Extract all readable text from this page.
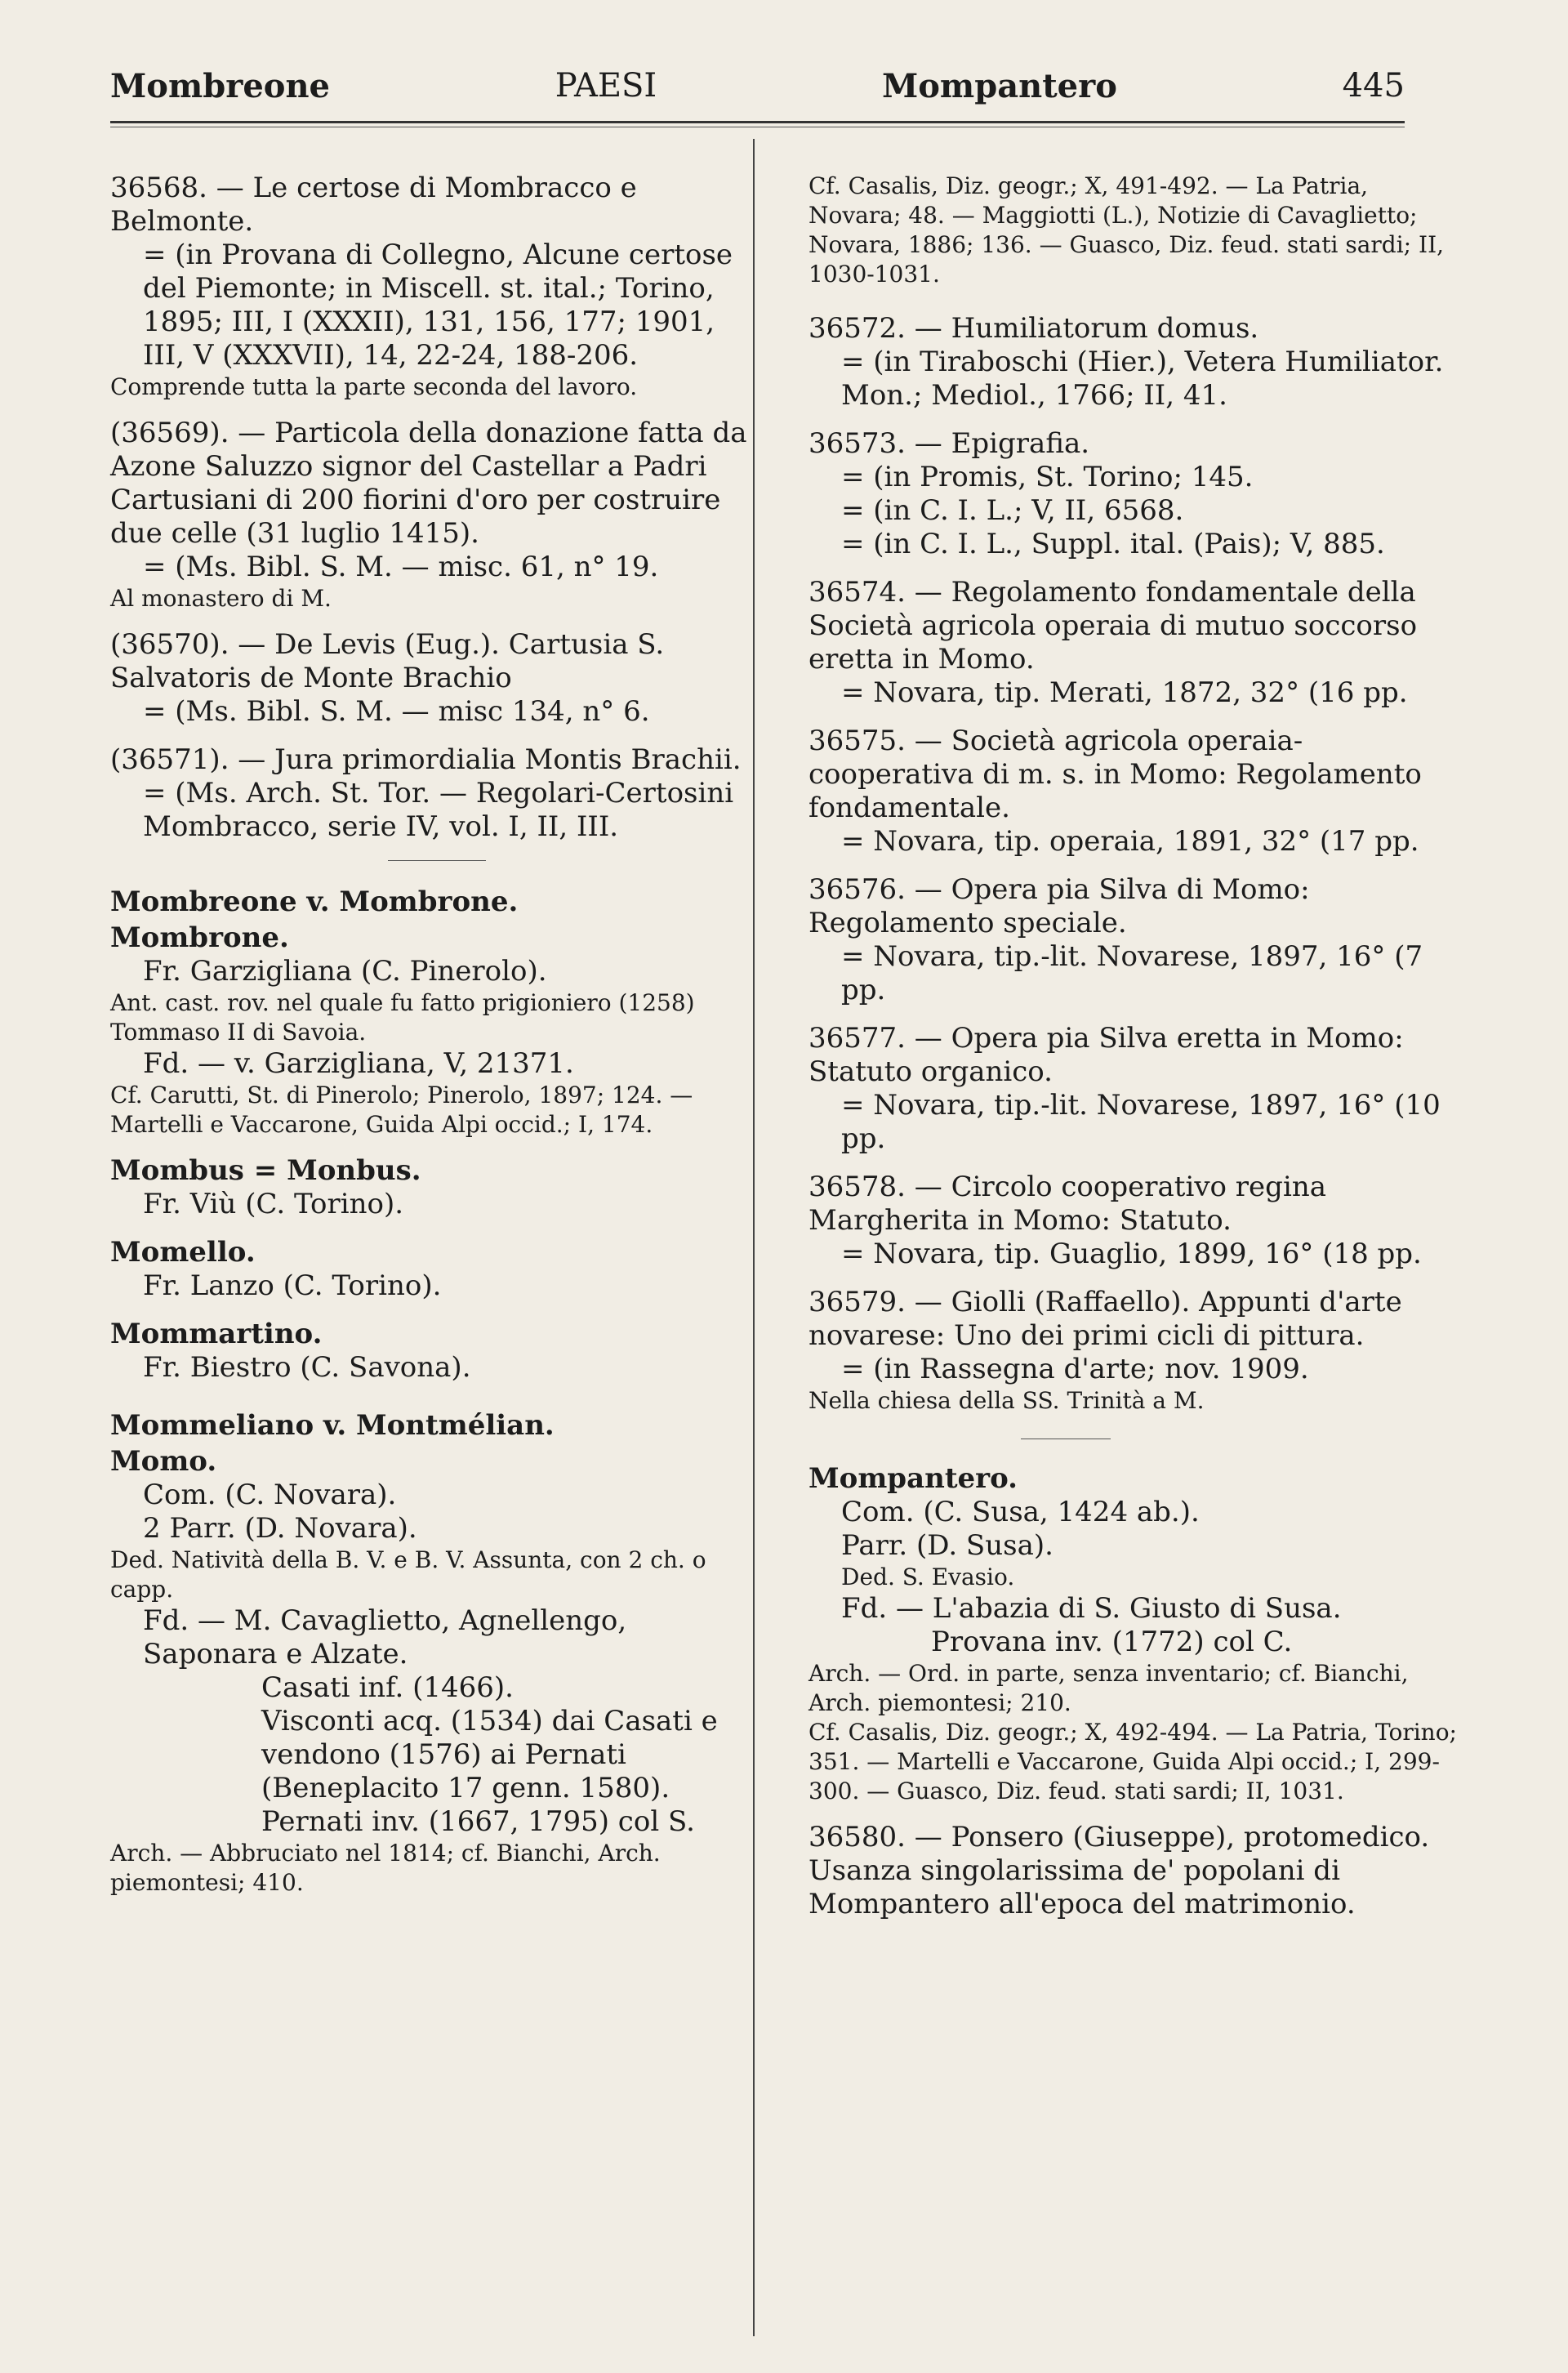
Mombreone	PAESI	Mompantero	445

36568. — Le certose di Mombracco e Belmonte.

= (in Provana di Collegno, Alcune certose del Piemonte; in Miscell. st. ital.; Torino, 1895; III, I (XXXII), 131, 156, 177; 1901, III, V (XXXVII), 14, 22-24, 188-206.

Comprende tutta la parte seconda del lavoro.

(36569). — Particola della donazione fatta da Azone Saluzzo signor del Castellar a Padri Cartusiani di 200 fiorini d'oro per costruire due celle (31 luglio 1415).

= (Ms. Bibl. S. M. — misc. 61, n° 19.

Al monastero di M.

(36570). — De Levis (Eug.). Cartusia S. Salvatoris de Monte Brachio

= (Ms. Bibl. S. M. — misc 134, n° 6.

(36571). — Jura primordialia Montis Brachii.

= (Ms. Arch. St. Tor. — Regolari-Certosini Mombracco, serie IV, vol. I, II, III.

Mombreone v. Mombrone.

Mombrone.

Fr. Garzigliana (C. Pinerolo).

Ant. cast. rov. nel quale fu fatto prigioniero (1258) Tommaso II di Savoia.

Fd. — v. Garzigliana, V, 21371.

Cf. Carutti, St. di Pinerolo; Pinerolo, 1897; 124. — Martelli e Vaccarone, Guida Alpi occid.; I, 174.

Mombus = Monbus.

Fr. Viù (C. Torino).

Momello.

Fr. Lanzo (C. Torino).

Mommartino.

Fr. Biestro (C. Savona).

Mommeliano v. Montmélian.

Momo.

Com. (C. Novara).

2 Parr. (D. Novara).

Ded. Natività della B. V. e B. V. Assunta, con 2 ch. o capp.

Fd. — M. Cavaglietto, Agnellengo, Saponara e Alzate.

Casati inf. (1466).

Visconti acq. (1534) dai Casati e vendono (1576) ai Pernati (Beneplacito 17 genn. 1580).

Pernati inv. (1667, 1795) col S.

Arch. — Abbruciato nel 1814; cf. Bianchi, Arch. piemontesi; 410.

Cf. Casalis, Diz. geogr.; X, 491-492. — La Patria, Novara; 48. — Maggiotti (L.), Notizie di Cavaglietto; Novara, 1886; 136. — Guasco, Diz. feud. stati sardi; II, 1030-1031.

36572. — Humiliatorum domus.

= (in Tiraboschi (Hier.), Vetera Humiliator. Mon.; Mediol., 1766; II, 41.

36573. — Epigrafia.

= (in Promis, St. Torino; 145.

= (in C. I. L.; V, II, 6568.

= (in C. I. L., Suppl. ital. (Pais); V, 885.

36574. — Regolamento fondamentale della Società agricola operaia di mutuo soccorso eretta in Momo.

= Novara, tip. Merati, 1872, 32° (16 pp.

36575. — Società agricola operaia-cooperativa di m. s. in Momo: Regolamento fondamentale.

= Novara, tip. operaia, 1891, 32° (17 pp.

36576. — Opera pia Silva di Momo: Regolamento speciale.

= Novara, tip.-lit. Novarese, 1897, 16° (7 pp.

36577. — Opera pia Silva eretta in Momo: Statuto organico.

= Novara, tip.-lit. Novarese, 1897, 16° (10 pp.

36578. — Circolo cooperativo regina Margherita in Momo: Statuto.

= Novara, tip. Guaglio, 1899, 16° (18 pp.

36579. — Giolli (Raffaello). Appunti d'arte novarese: Uno dei primi cicli di pittura.

= (in Rassegna d'arte; nov. 1909.

Nella chiesa della SS. Trinità a M.

Mompantero.

Com. (C. Susa, 1424 ab.).

Parr. (D. Susa).

Ded. S. Evasio.

Fd. — L'abazia di S. Giusto di Susa.

Provana inv. (1772) col C.

Arch. — Ord. in parte, senza inventario; cf. Bianchi, Arch. piemontesi; 210.

Cf. Casalis, Diz. geogr.; X, 492-494. — La Patria, Torino; 351. — Martelli e Vaccarone, Guida Alpi occid.; I, 299-300. — Guasco, Diz. feud. stati sardi; II, 1031.

36580. — Ponsero (Giuseppe), protomedico. Usanza singolarissima de' popolani di Mompantero all'epoca del matrimonio.
